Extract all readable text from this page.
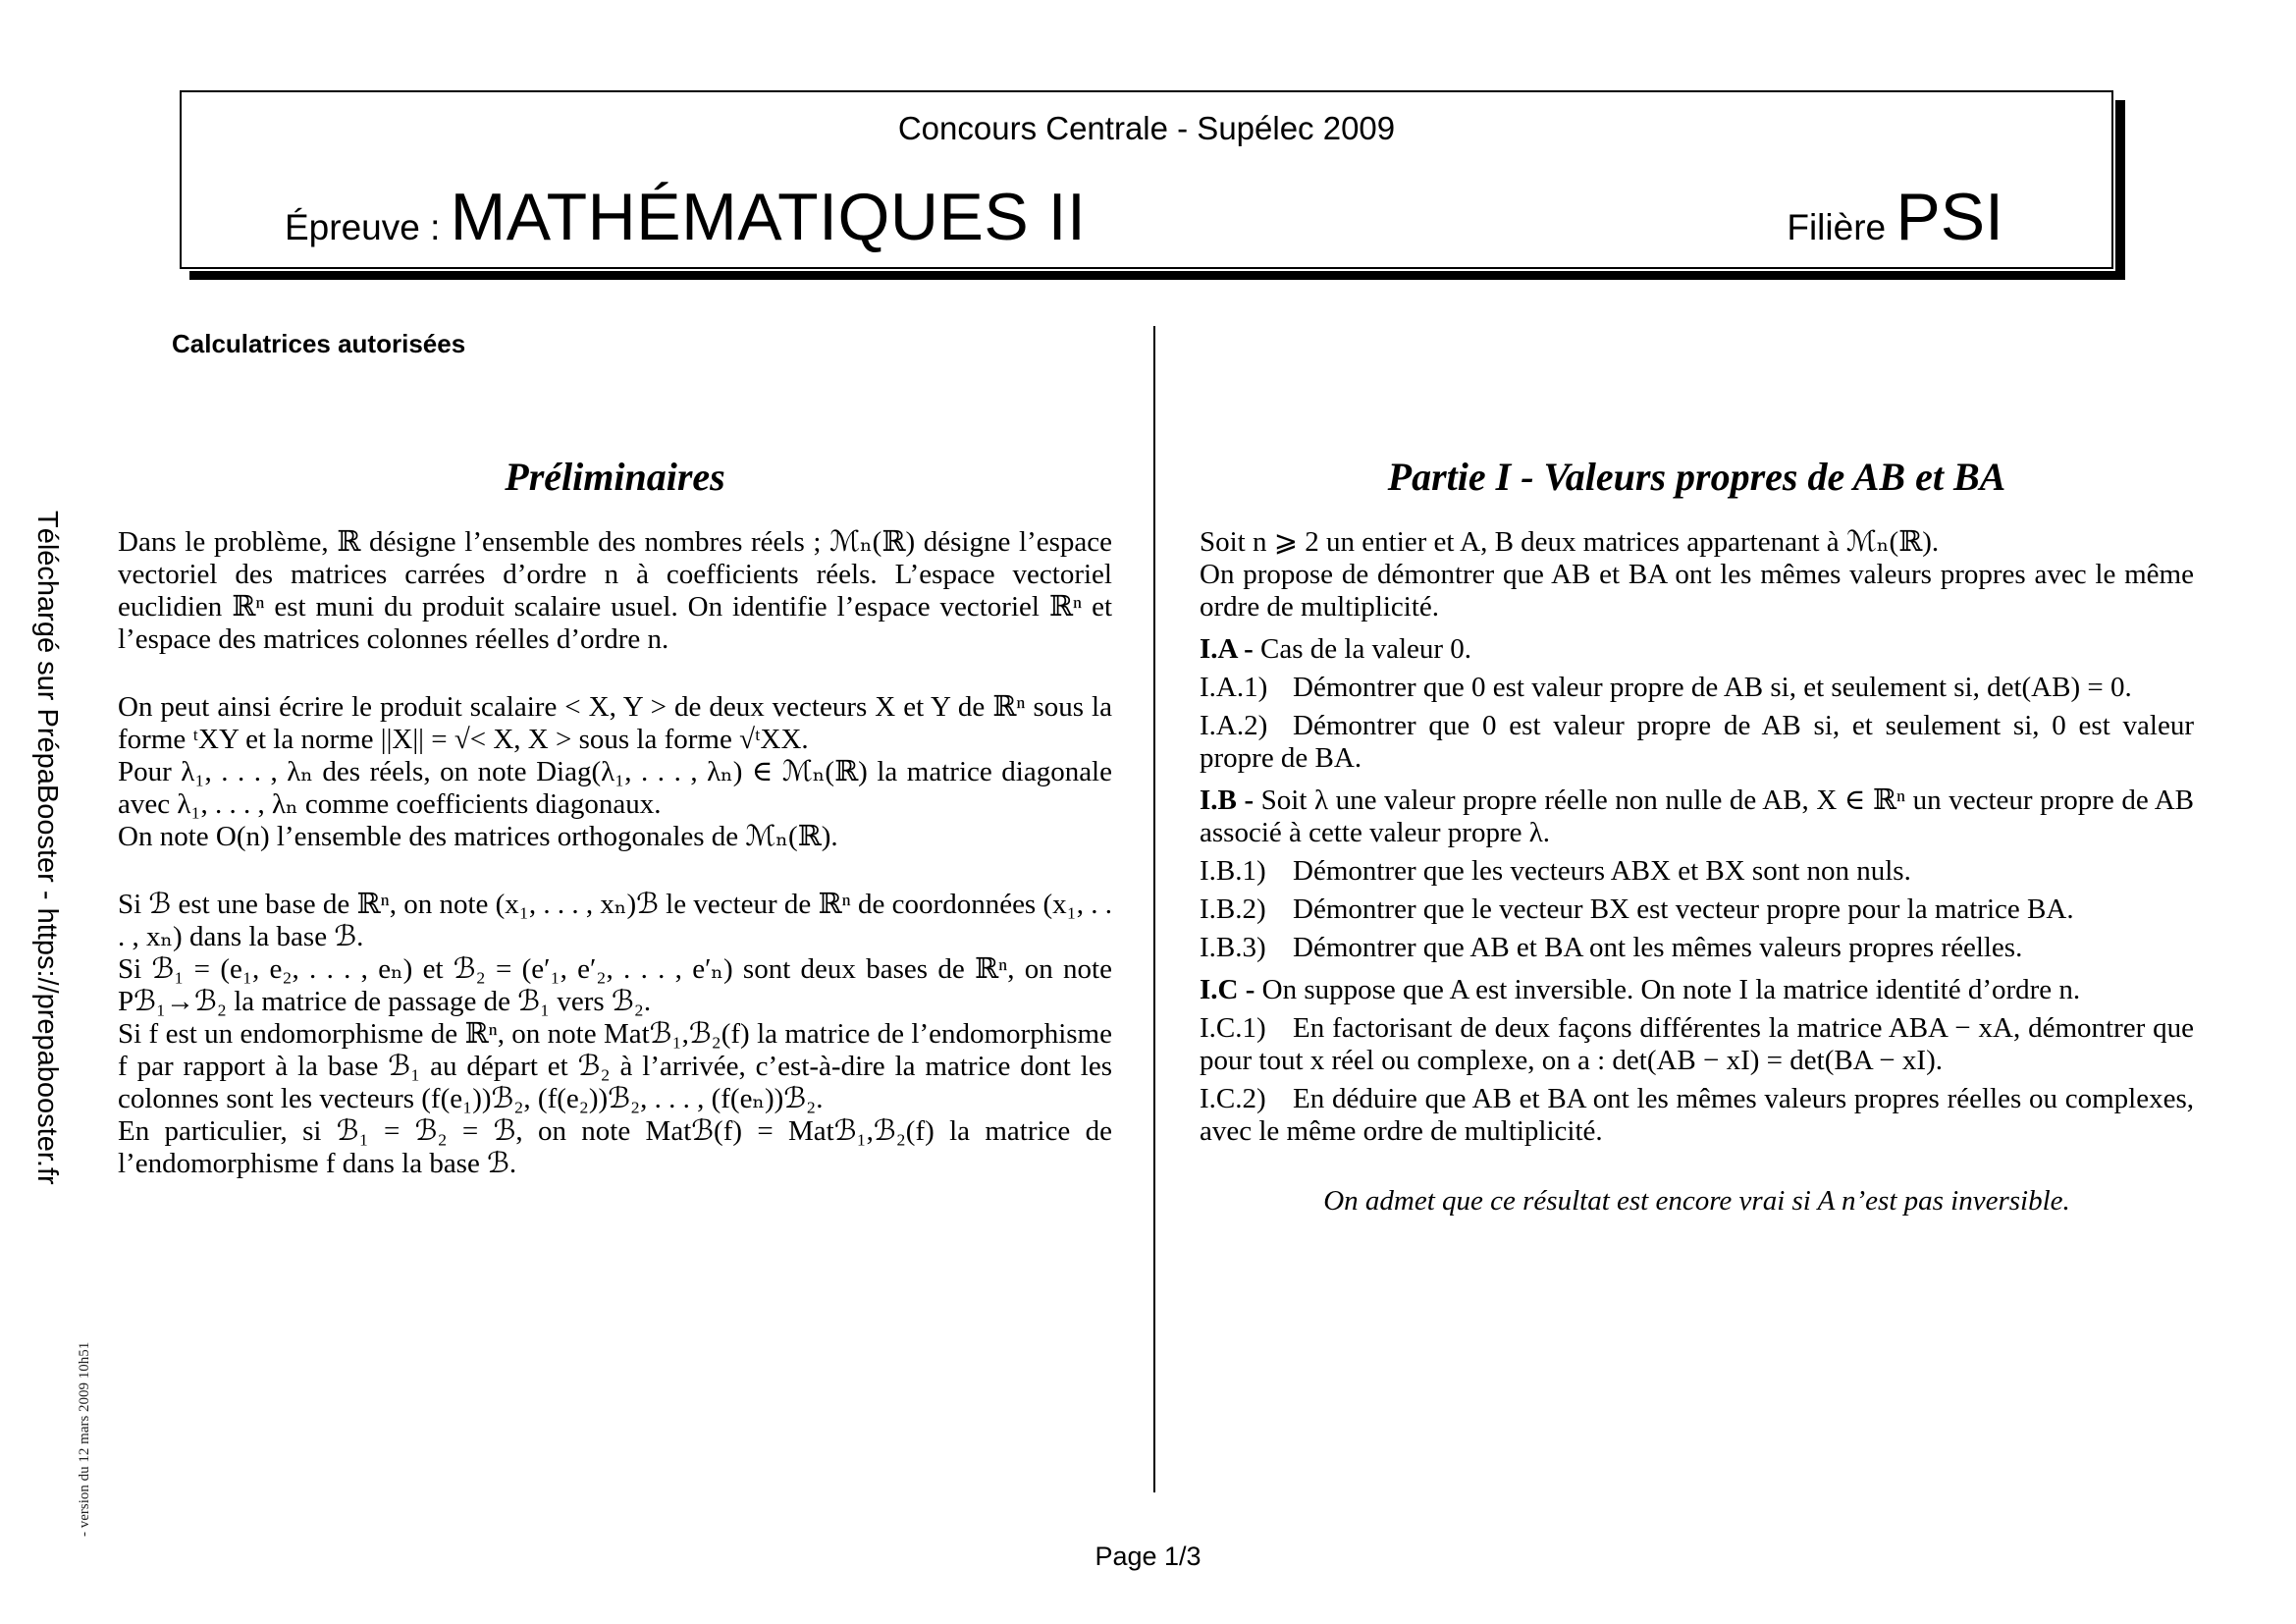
Concours Centrale - Supélec 2009
Épreuve : MATHÉMATIQUES II	Filière PSI
Calculatrices autorisées
Téléchargé sur PrépaBooster - https://prepabooster.fr
- version du 12 mars 2009 10h51
Préliminaires

Dans le problème, ℝ désigne l’ensemble des nombres réels ; ℳₙ(ℝ) désigne l’espace vectoriel des matrices carrées d’ordre n à coefficients réels. L’espace vectoriel euclidien ℝⁿ est muni du produit scalaire usuel. On identifie l’espace vectoriel ℝⁿ et l’espace des matrices colonnes réelles d’ordre n.

On peut ainsi écrire le produit scalaire < X, Y > de deux vecteurs X et Y de ℝⁿ sous la forme ᵗXY et la norme ||X|| = √< X, X > sous la forme √ᵗXX.

Pour λ₁, . . . , λₙ des réels, on note Diag(λ₁, . . . , λₙ) ∈ ℳₙ(ℝ) la matrice diagonale avec λ₁, . . . , λₙ comme coefficients diagonaux.

On note O(n) l’ensemble des matrices orthogonales de ℳₙ(ℝ).

Si ℬ est une base de ℝⁿ, on note (x₁, . . . , xₙ)ℬ le vecteur de ℝⁿ de coordonnées (x₁, . . . , xₙ) dans la base ℬ.

Si ℬ₁ = (e₁, e₂, . . . , eₙ) et ℬ₂ = (e′₁, e′₂, . . . , e′ₙ) sont deux bases de ℝⁿ, on note Pℬ₁→ℬ₂ la matrice de passage de ℬ₁ vers ℬ₂.

Si f est un endomorphisme de ℝⁿ, on note Matℬ₁,ℬ₂(f) la matrice de l’endomorphisme f par rapport à la base ℬ₁ au départ et ℬ₂ à l’arrivée, c’est-à-dire la matrice dont les colonnes sont les vecteurs (f(e₁))ℬ₂, (f(e₂))ℬ₂, . . . , (f(eₙ))ℬ₂.

En particulier, si ℬ₁ = ℬ₂ = ℬ, on note Matℬ(f) = Matℬ₁,ℬ₂(f) la matrice de l’endomorphisme f dans la base ℬ.

Partie I - Valeurs propres de AB et BA

Soit n ⩾ 2 un entier et A, B deux matrices appartenant à ℳₙ(ℝ).

On propose de démontrer que AB et BA ont les mêmes valeurs propres avec le même ordre de multiplicité.

I.A - Cas de la valeur 0.

I.A.1) Démontrer que 0 est valeur propre de AB si, et seulement si, det(AB) = 0.

I.A.2) Démontrer que 0 est valeur propre de AB si, et seulement si, 0 est valeur propre de BA.

I.B - Soit λ une valeur propre réelle non nulle de AB, X ∈ ℝⁿ un vecteur propre de AB associé à cette valeur propre λ.

I.B.1) Démontrer que les vecteurs ABX et BX sont non nuls.

I.B.2) Démontrer que le vecteur BX est vecteur propre pour la matrice BA.

I.B.3) Démontrer que AB et BA ont les mêmes valeurs propres réelles.

I.C - On suppose que A est inversible. On note I la matrice identité d’ordre n.

I.C.1) En factorisant de deux façons différentes la matrice ABA − xA, démontrer que pour tout x réel ou complexe, on a : det(AB − xI) = det(BA − xI).

I.C.2) En déduire que AB et BA ont les mêmes valeurs propres réelles ou complexes, avec le même ordre de multiplicité.

On admet que ce résultat est encore vrai si A n’est pas inversible.

Page 1/3
